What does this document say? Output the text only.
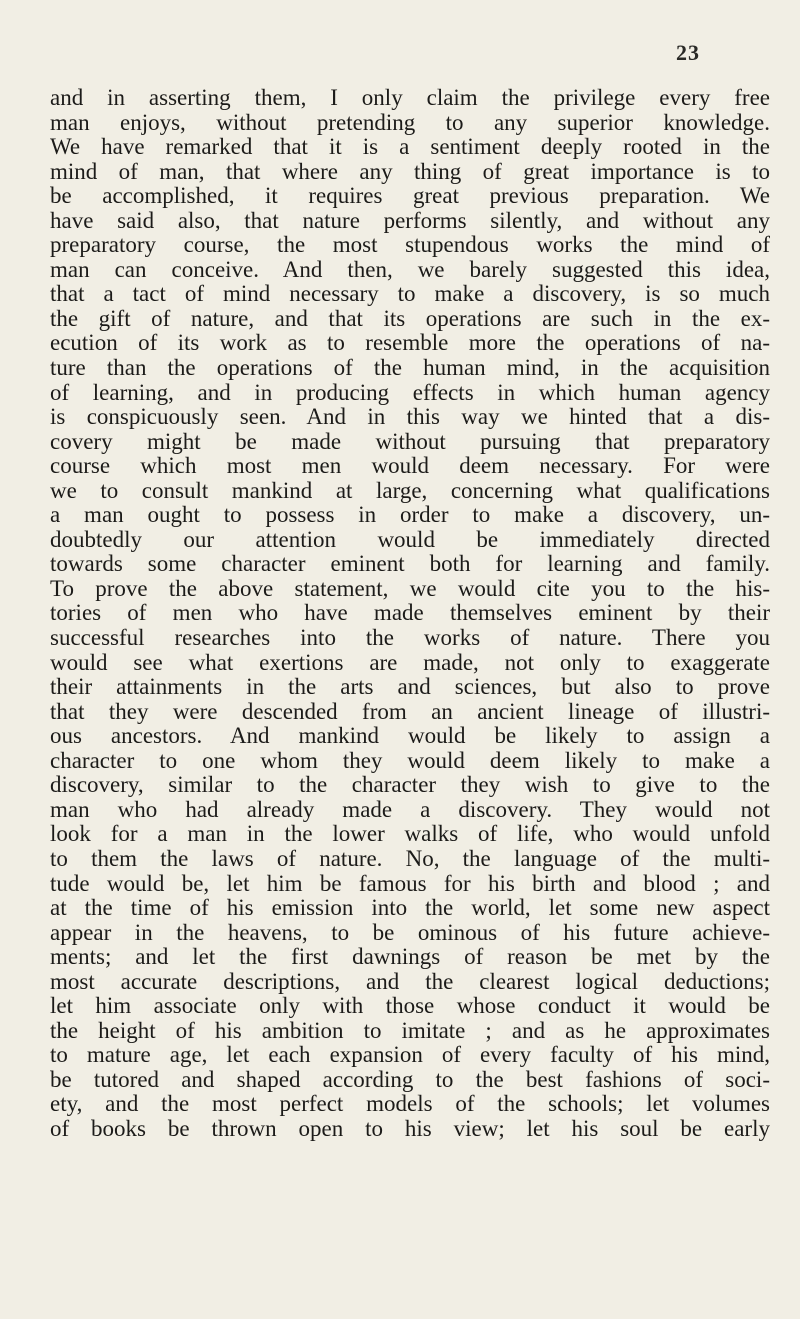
23
and in asserting them, I only claim the privilege every free
man enjoys, without pretending to any superior knowledge.
We have remarked that it is a sentiment deeply rooted in the
mind of man, that where any thing of great importance is to
be accomplished, it requires great previous preparation. We
have said also, that nature performs silently, and without any
preparatory course, the most stupendous works the mind of
man can conceive. And then, we barely suggested this idea,
that a tact of mind necessary to make a discovery, is so much
the gift of nature, and that its operations are such in the ex-
ecution of its work as to resemble more the operations of na-
ture than the operations of the human mind, in the acquisition
of learning, and in producing effects in which human agency
is conspicuously seen. And in this way we hinted that a dis-
covery might be made without pursuing that preparatory
course which most men would deem necessary. For were
we to consult mankind at large, concerning what qualifications
a man ought to possess in order to make a discovery, un-
doubtedly our attention would be immediately directed
towards some character eminent both for learning and family.
To prove the above statement, we would cite you to the his-
tories of men who have made themselves eminent by their
successful researches into the works of nature. There you
would see what exertions are made, not only to exaggerate
their attainments in the arts and sciences, but also to prove
that they were descended from an ancient lineage of illustri-
ous ancestors. And mankind would be likely to assign a
character to one whom they would deem likely to make a
discovery, similar to the character they wish to give to the
man who had already made a discovery. They would not
look for a man in the lower walks of life, who would unfold
to them the laws of nature. No, the language of the multi-
tude would be, let him be famous for his birth and blood ; and
at the time of his emission into the world, let some new aspect
appear in the heavens, to be ominous of his future achieve-
ments; and let the first dawnings of reason be met by the
most accurate descriptions, and the clearest logical deductions;
let him associate only with those whose conduct it would be
the height of his ambition to imitate ; and as he approximates
to mature age, let each expansion of every faculty of his mind,
be tutored and shaped according to the best fashions of soci-
ety, and the most perfect models of the schools; let volumes
of books be thrown open to his view; let his soul be early
